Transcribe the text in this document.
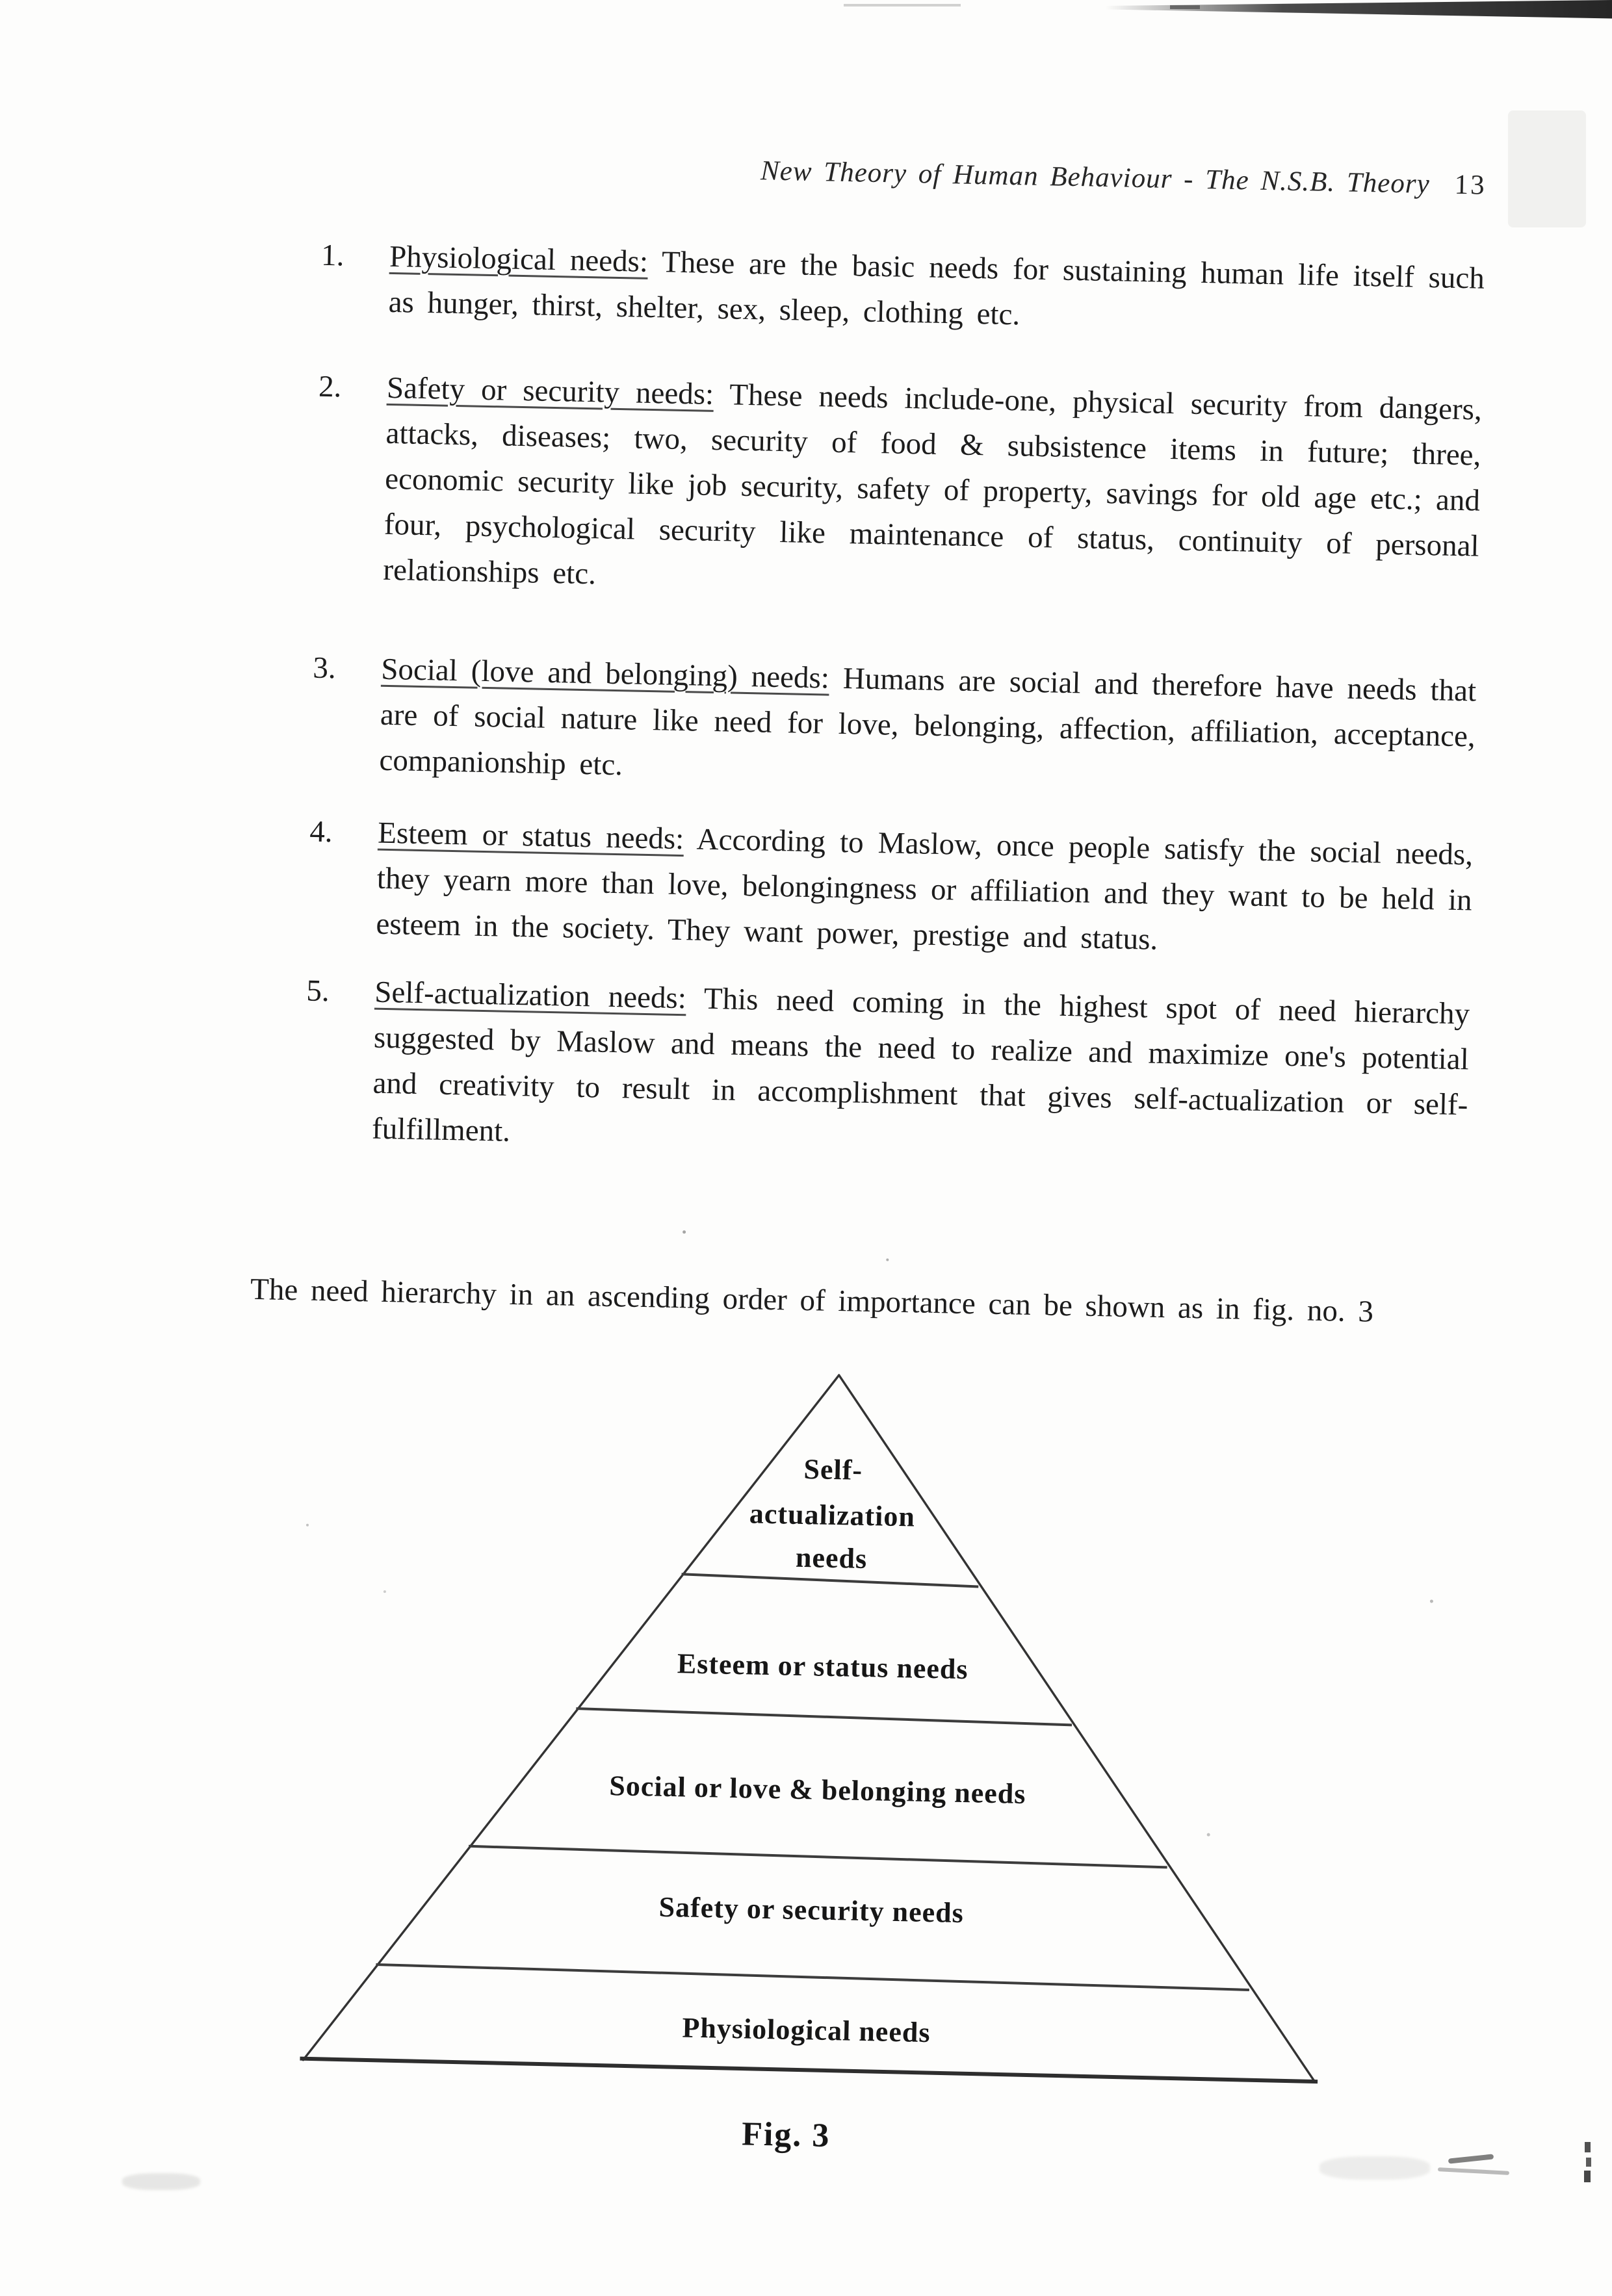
New Theory of Human Behaviour - The N.S.B. Theory 13
1. Physiological needs: These are the basic needs for sustaining human life itself such as hunger, thirst, shelter, sex, sleep, clothing etc.
2. Safety or security needs: These needs include-one, physical security from dangers, attacks, diseases; two, security of food & subsistence items in future; three, economic security like job security, safety of property, savings for old age etc.; and four, psychological security like maintenance of status, continuity of personal relationships etc.
3. Social (love and belonging) needs: Humans are social and therefore have needs that are of social nature like need for love, belonging, affection, affiliation, acceptance, companionship etc.
4. Esteem or status needs: According to Maslow, once people satisfy the social needs, they yearn more than love, belongingness or affiliation and they want to be held in esteem in the society. They want power, prestige and status.
5. Self-actualization needs: This need coming in the highest spot of need hierarchy suggested by Maslow and means the need to realize and maximize one's potential and creativity to result in accomplishment that gives self-actualization or self-fulfillment.
The need hierarchy in an ascending order of importance can be shown as in fig. no. 3
Self-
actualization
needs
Esteem or status needs
Social or love & belonging needs
Safety or security needs
Physiological needs
Fig. 3
